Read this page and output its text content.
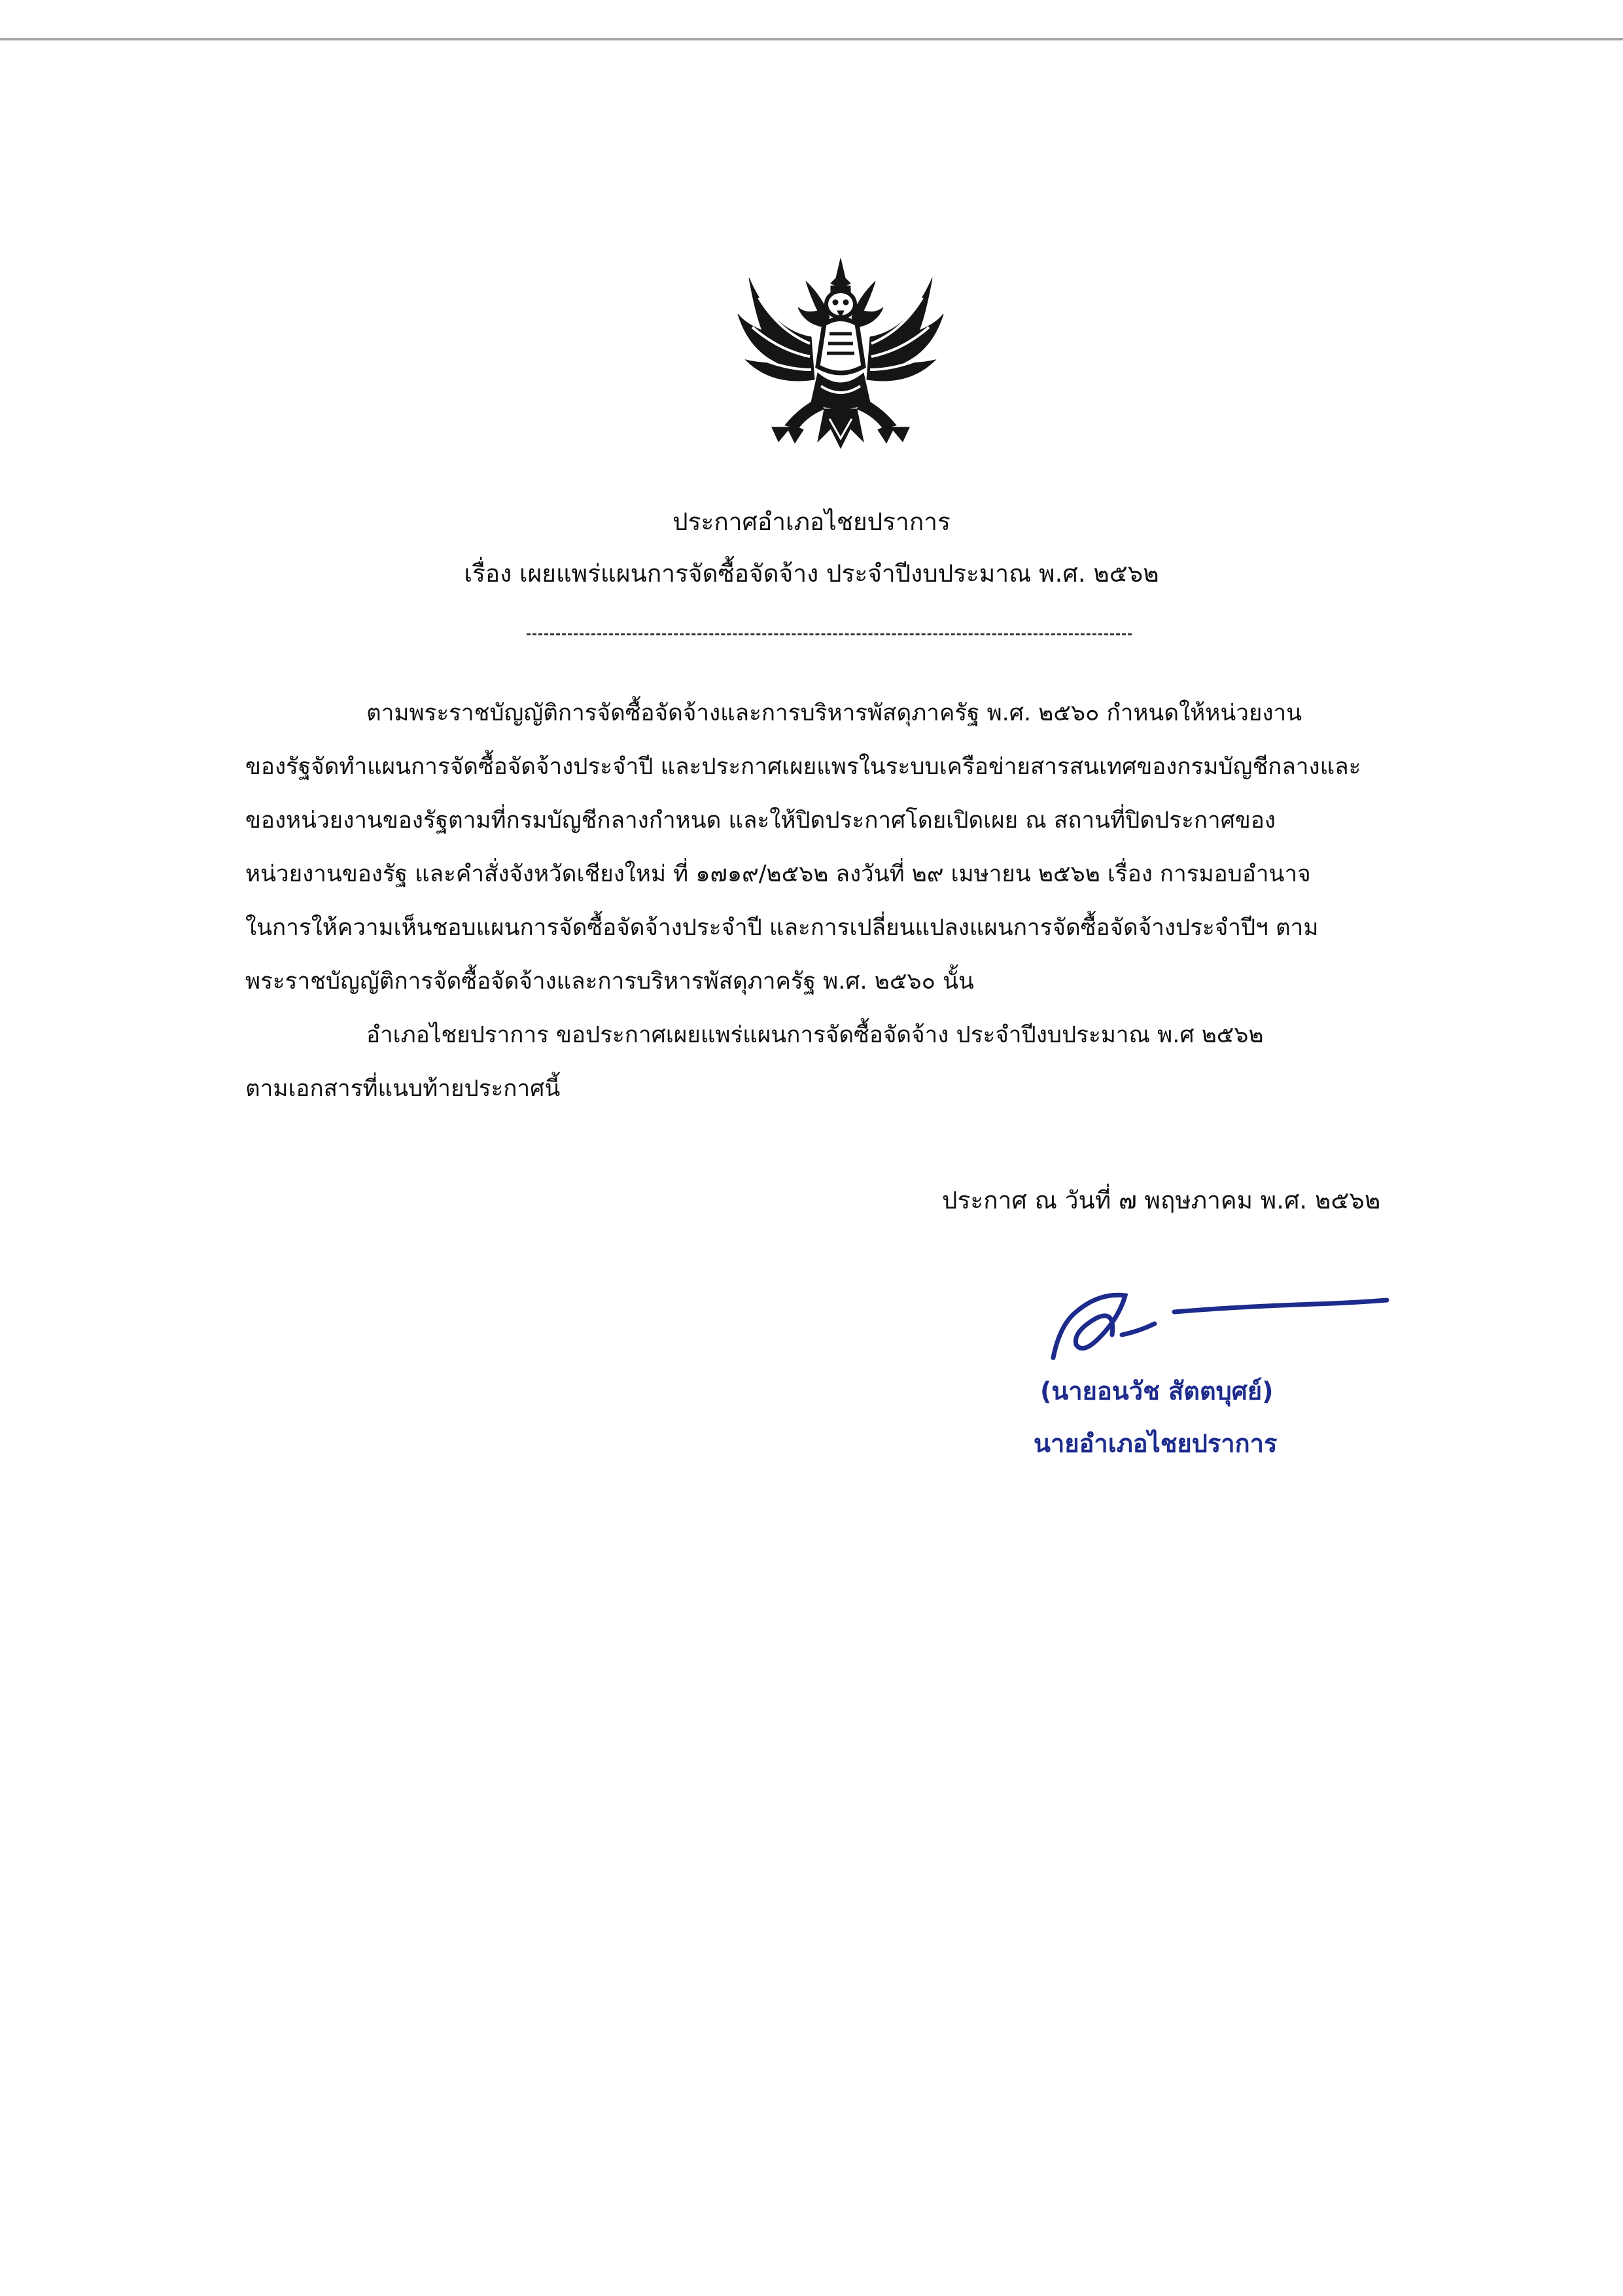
ประกาศอำเภอไชยปราการ
เรื่อง เผยแพร่แผนการจัดซื้อจัดจ้าง ประจำปีงบประมาณ พ.ศ. ๒๕๖๒
ตามพระราชบัญญัติการจัดซื้อจัดจ้างและการบริหารพัสดุภาครัฐ พ.ศ. ๒๕๖๐ กำหนดให้หน่วยงาน
ของรัฐจัดทำแผนการจัดซื้อจัดจ้างประจำปี และประกาศเผยแพรในระบบเครือข่ายสารสนเทศของกรมบัญชีกลางและ
ของหน่วยงานของรัฐตามที่กรมบัญชีกลางกำหนด และให้ปิดประกาศโดยเปิดเผย ณ สถานที่ปิดประกาศของ
หน่วยงานของรัฐ และคำสั่งจังหวัดเชียงใหม่ ที่ ๑๗๑๙/๒๕๖๒ ลงวันที่ ๒๙ เมษายน ๒๕๖๒ เรื่อง การมอบอำนาจ
ในการให้ความเห็นชอบแผนการจัดซื้อจัดจ้างประจำปี และการเปลี่ยนแปลงแผนการจัดซื้อจัดจ้างประจำปีฯ ตาม
พระราชบัญญัติการจัดซื้อจัดจ้างและการบริหารพัสดุภาครัฐ พ.ศ. ๒๕๖๐ นั้น
อำเภอไชยปราการ ขอประกาศเผยแพร่แผนการจัดซื้อจัดจ้าง ประจำปีงบประมาณ พ.ศ ๒๕๖๒
ตามเอกสารที่แนบท้ายประกาศนี้
ประกาศ ณ วันที่ ๗ พฤษภาคม พ.ศ. ๒๕๖๒
(นายอนวัช สัตตบุศย์)
นายอำเภอไชยปราการ
